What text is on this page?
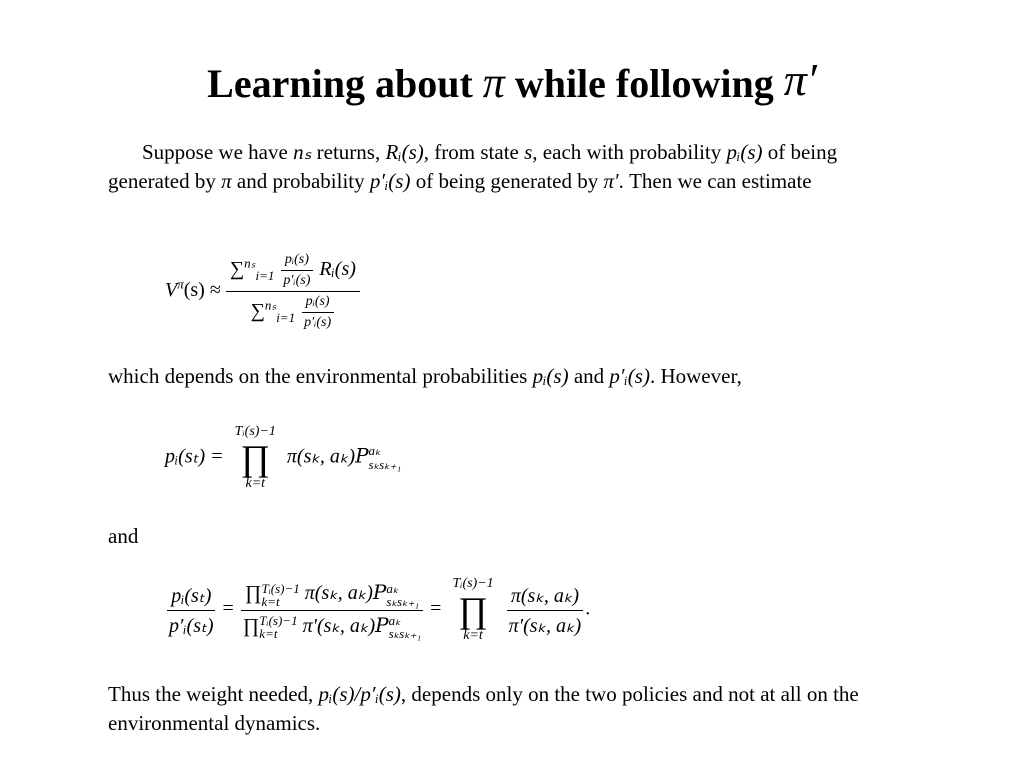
Learning about π while following π′
Suppose we have nₛ returns, Rᵢ(s), from state s, each with probability pᵢ(s) of being generated by π and probability p′ᵢ(s) of being generated by π′. Then we can estimate
$V^\pi(s) \approx \frac{\sum^{n_s}_{i=1} \frac{\text{pᵢ(s)}}{\text{p′ᵢ(s)}} Rᵢ(s)}{\sum^{n_s}_{i=1} \frac{\text{pᵢ(s)}}{\text{p′ᵢ(s)}}}$
which depends on the environmental probabilities pᵢ(s) and p′ᵢ(s). However,
pᵢ(sₜ) =
Tᵢ(s)−1
∏
k=t
π(sₖ, aₖ)P aₖ
sₖsₖ₊₁
and
$\frac{\text{pᵢ(sₜ)}}{\text{p′ᵢ(sₜ)}}$ = ∏ Tᵢ(s)−1
k=t	π(sₖ, aₖ)P aₖ
sₖsₖ₊₁
∏ Tᵢ(s)−1
k=t	π′(sₖ, aₖ)P aₖ
sₖsₖ₊₁ =
Tᵢ(s)−1
∏
k=t
$\frac{\text{π(sₖ, aₖ)}}{\text{π′(sₖ, aₖ)}}$ .
Thus the weight needed, pᵢ(s)/p′ᵢ(s), depends only on the two policies and not at all on the environmental dynamics.
